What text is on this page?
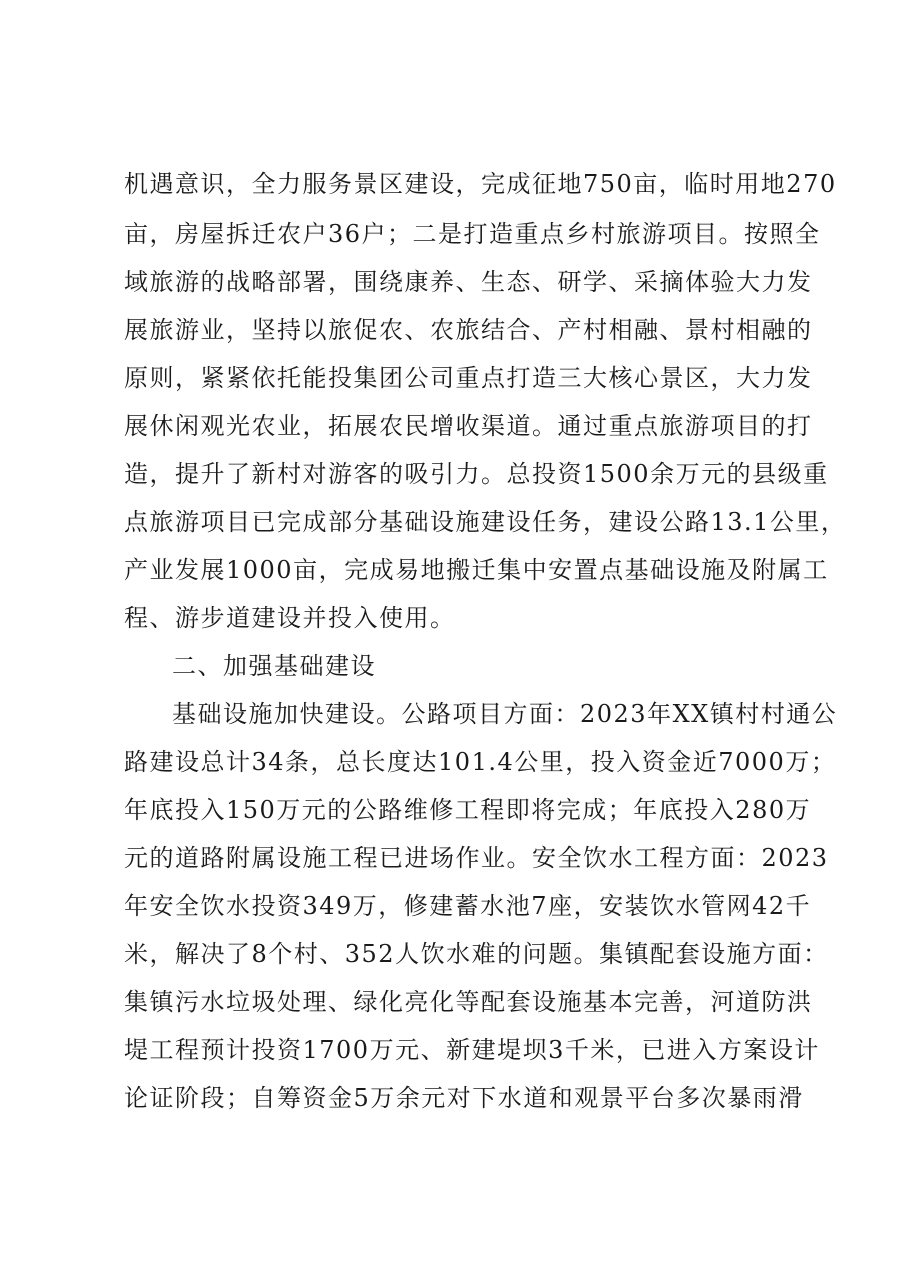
机遇意识，全力服务景区建设，完成征地750亩，临时用地270
亩，房屋拆迁农户36户；二是打造重点乡村旅游项目。按照全
域旅游的战略部署，围绕康养、生态、研学、采摘体验大力发
展旅游业，坚持以旅促农、农旅结合、产村相融、景村相融的
原则，紧紧依托能投集团公司重点打造三大核心景区，大力发
展休闲观光农业，拓展农民增收渠道。通过重点旅游项目的打
造，提升了新村对游客的吸引力。总投资1500余万元的县级重
点旅游项目已完成部分基础设施建设任务，建设公路13.1公里，
产业发展1000亩，完成易地搬迁集中安置点基础设施及附属工
程、游步道建设并投入使用。
二、加强基础建设
基础设施加快建设。公路项目方面：2023年XX镇村村通公
路建设总计34条，总长度达101.4公里，投入资金近7000万；
年底投入150万元的公路维修工程即将完成；年底投入280万
元的道路附属设施工程已进场作业。安全饮水工程方面：2023
年安全饮水投资349万，修建蓄水池7座，安装饮水管网42千
米，解决了8个村、352人饮水难的问题。集镇配套设施方面：
集镇污水垃圾处理、绿化亮化等配套设施基本完善，河道防洪
堤工程预计投资1700万元、新建堤坝3千米，已进入方案设计
论证阶段；自筹资金5万余元对下水道和观景平台多次暴雨滑
